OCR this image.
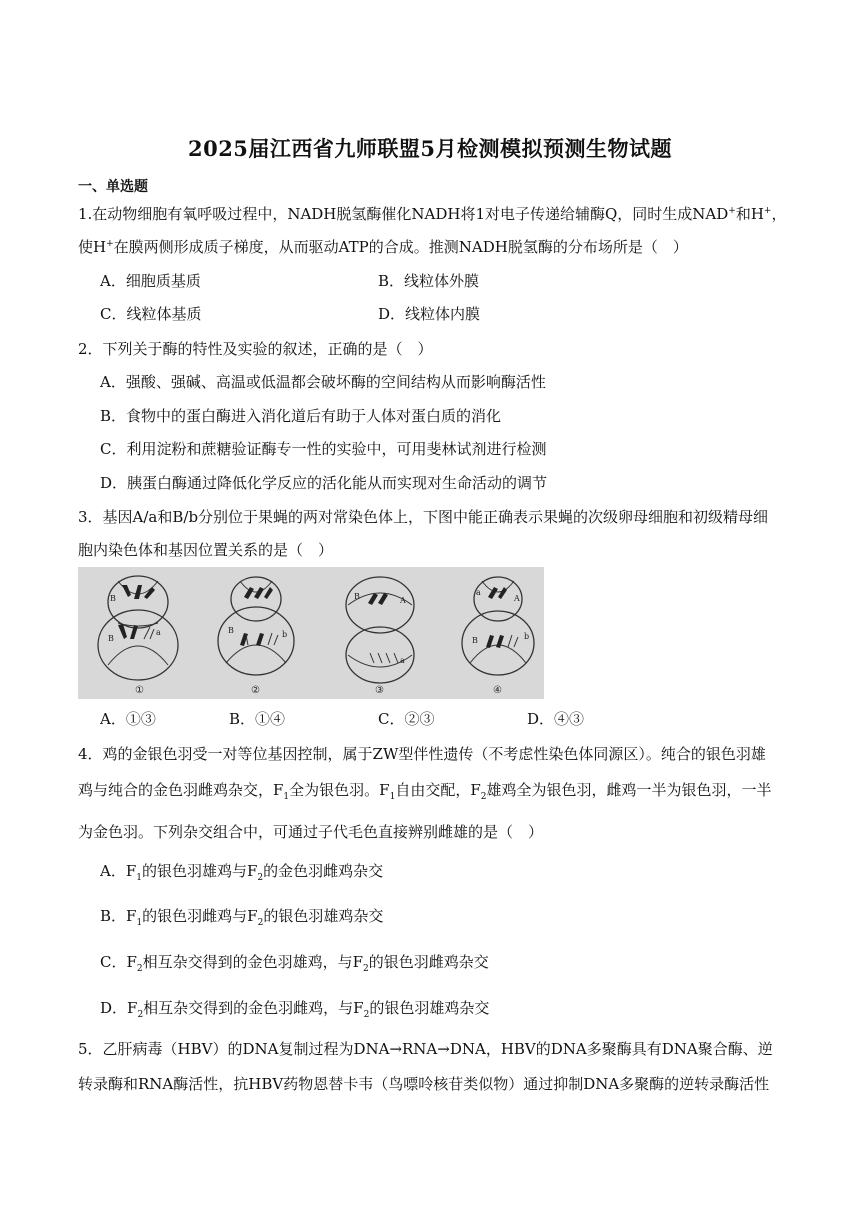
2025届江西省九师联盟5月检测模拟预测生物试题
一、单选题
1.在动物细胞有氧呼吸过程中，NADH脱氢酶催化NADH将1对电子传递给辅酶Q，同时生成NAD+和H+，
使H+在膜两侧形成质子梯度，从而驱动ATP的合成。推测NADH脱氢酶的分布场所是（　）
A．细胞质基质	B．线粒体外膜
C．线粒体基质	D．线粒体内膜
2．下列关于酶的特性及实验的叙述，正确的是（　）
A．强酸、强碱、高温或低温都会破坏酶的空间结构从而影响酶活性
B．食物中的蛋白酶进入消化道后有助于人体对蛋白质的消化
C．利用淀粉和蔗糖验证酶专一性的实验中，可用斐林试剂进行检测
D．胰蛋白酶通过降低化学反应的活化能从而实现对生命活动的调节
3．基因A/a和B/b分别位于果蝇的两对常染色体上，下图中能正确表示果蝇的次级卵母细胞和初级精母细
胞内染色体和基因位置关系的是（　）
B
B
a
①
B	b
②
B	A
a
③
a
A
B	b
④
A．①③	B．①④	C．②③	D．④③
4．鸡的金银色羽受一对等位基因控制，属于ZW型伴性遗传（不考虑性染色体同源区）。纯合的银色羽雄
鸡与纯合的金色羽雌鸡杂交，$F_1$全为银色羽。$F_1$自由交配，$F_2$雄鸡全为银色羽，雌鸡一半为银色羽，一半
为金色羽。下列杂交组合中，可通过子代毛色直接辨别雌雄的是（　）
A．$F_1$的银色羽雄鸡与$F_2$的金色羽雌鸡杂交
B．$F_1$的银色羽雌鸡与$F_2$的银色羽雄鸡杂交
C．$F_2$相互杂交得到的金色羽雄鸡，与$F_2$的银色羽雌鸡杂交
D．$F_2$相互杂交得到的金色羽雌鸡，与$F_2$的银色羽雄鸡杂交
5．乙肝病毒（HBV）的DNA复制过程为DNA→RNA→DNA，HBV的DNA多聚酶具有DNA聚合酶、逆
转录酶和RNA酶活性，抗HBV药物恩替卡韦（鸟嘌呤核苷类似物）通过抑制DNA多聚酶的逆转录酶活性
